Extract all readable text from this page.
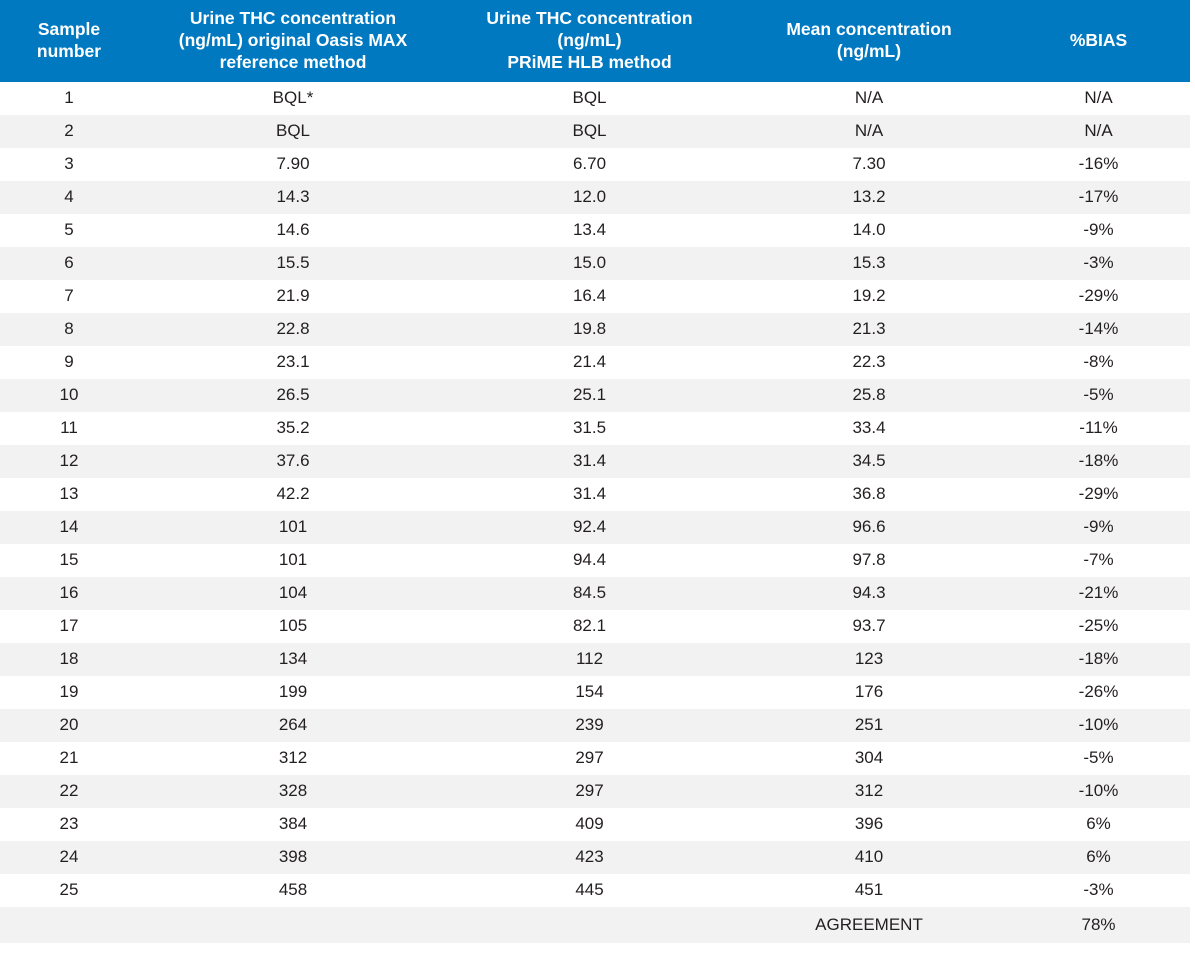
Sample
number

Urine THC concentration
(ng/mL) original Oasis MAX
reference method

Urine THC concentration
(ng/mL)
PRiME HLB method

Mean concentration
(ng/mL)

%BIAS

1	BQL*	BQL	N/A	N/A
2	BQL	BQL	N/A	N/A
3	7.90	6.70	7.30	-16%
4	14.3	12.0	13.2	-17%
5	14.6	13.4	14.0	-9%
6	15.5	15.0	15.3	-3%
7	21.9	16.4	19.2	-29%
8	22.8	19.8	21.3	-14%
9	23.1	21.4	22.3	-8%
10	26.5	25.1	25.8	-5%
11	35.2	31.5	33.4	-11%
12	37.6	31.4	34.5	-18%
13	42.2	31.4	36.8	-29%
14	101	92.4	96.6	-9%
15	101	94.4	97.8	-7%
16	104	84.5	94.3	-21%
17	105	82.1	93.7	-25%
18	134	112	123	-18%
19	199	154	176	-26%
20	264	239	251	-10%
21	312	297	304	-5%
22	328	297	312	-10%
23	384	409	396	6%
24	398	423	410	6%
25	458	445	451	-3%
			AGREEMENT	78%
